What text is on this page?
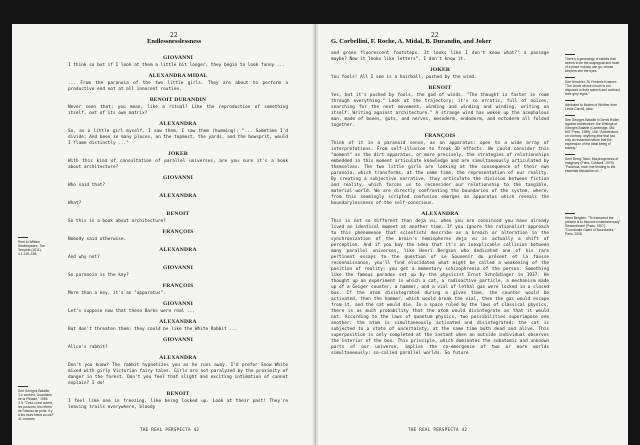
22
Endlessnesslessness
Reel to William Shakespeare, The Tempest (1611), 4.1.148–158.
Sen Georges Bataille, "Le corridor, Guardians de la Pléiade," 1956. 3.3: "Celui‑ci est ouvert, les pouvoirs, les hêtres de l'oiseau de proie, il y a les murs bleus du ciel" 41 volumes
GIOVANNI
I think so but if I look at them a little bit longer, they begin to look funny ...
ALEXANDRA MIDAL
... From the paranoia of the two little girls. They are about to perform a productive end not at all innocent routine.
BENOIT DURANDIN
Never seen that; you mean, like a ritual? Like the reproduction of something itself, out of its own matrix?
ALEXANDRA
So, as a little girl myself, I saw them, I saw them (humming): "... Sometime I'd divide; And been in many places, on the topmost, the yards, and the bowsprit, would I flame distinctly ..."
JOKER
With this kind of consultation of parallel universes, are you sure it's a book about architecture?
GIOVANNI
Who said that?
ALEXANDRA
What?
BENOIT
So this is a book about architecture?
FRANÇOIS
Nobody said otherwise.
ALEXANDRA
And why not?
GIOVANNI
So paranoia is the key?
FRANÇOIS
More than a key, it's an "apparatus".
GIOVANNI
Let's suppose now that these Barks were real ...
ALEXANDRA
But don't threaten them: they could be like the White Rabbit ...
GIOVANNI
Alice's rabbit?
ALEXANDRA
Don't you know? The rabbit hypnotizes you as he runs away. I'd prefer Snow White mixed with girly Victorian fairy tales. Girls are not paralyzed by the proximity of danger in the forest. Don't you feel that slight and exciting intimation of cannot explain? I do!
BENOIT
I feel like one in freezing, like being locked up. Look at their past! They're leaving trails everywhere, bloody
THE REAL PERSPECTA 42
22
G. Corbellini, F. Roche, A. Midal, B. Durandin, and Joker
and green fluorescent footsteps. It looks like I don't know what?" a passage maybe? Now it looks like letters”. I don't know it.
JOKER
You fools! All I see is a hairball, pushed by the wind.
BENOIT
Yes, but it's pushed by fools, the god of winds. "The thought is faster in room through everything." Look at the trajectory; it's so erratic, full of noises, searching for the next movement, winding and winding and winding, writing on itself. Writing against architecture." A strange wind has woken up the acephalous man, made of bones, guts, and nerves, mesoderm, endoderm, and ectoderm all folded together.
FRANÇOIS
Think of it in a paranoid sense, as an apparatus: open to a wide array of interpretations. From self-illusion to freak 3D effects. We could consider this "moment" as the dirt apparatus, or more precisely, the strategies of relationships embedded in this moment articulate knowledge and are simultaneously articulated by themselves. The two little girls are looking at the consequence of their own paranoia, which transforms, at the same time, the representation of our reality. By creating a subjective narrative, they articulate the division between fiction and reality, which forces us to reconsider our relationship to the tangible, material world. We are directly confronting the boundaries of the system, where, from this seemingly scripted confusion emerges an apparatus which reveals the boundarylessness of the self-conscious.
ALEXANDRA
This is not so different than deja vu, when you are convinced you have already lived an identical moment at another time. If you ignore the rationalist approach to this phenomenon that scientists describe as a breach or alteration in the synchronization of the brain's hemispheres deja vu is actually a shift of perception. And if you buy the idea that it's an inexplicable collision between many parallel universes, like Henri Bergson who dedicated one of his rare pertinent essays to the question of Le Souvenir du présent et la fausse reconnaissance, you'll find elucidated what might be called a weakening of the position of reality: you get a momentary schizophrenia of the person. Something like the famous paradox set up by the physicist Ernst Schrödinger in 1937. He thought up an experiment in which a cat, a radioactive particle, a mechanism made up of a Geiger counter, a hammer, and a vial of lethal gas were locked in a closed box. If the atom disintegrated during a given time, the counter would be activated, then the hammer, which would break the vial, then the gas would escape from it, and the cat would die. In a space ruled by the laws of classical physics, there is as much probability that the atom would disintegrate as that it would not. According to the laws of quantum physics, two possibilities superimpose one another: the atom is simultaneously activated and disintegrated; the cat is subjected to a state of uncertainty, at the same time both dead and alive. This superposition is only completed at the instant when an outside individual observes the interior of the box. This principle, which dominates the subatomic and unknown parts of our universe, implies the co-emergence of two or more worlds simultaneously: so-called parallel worlds. So future
There's a genealogy of rabbits that seems to be the scapegoat and heart of a place nobody can go, whose keepers see the eyes.
See Hirschler, St. Frederic Krasner: "The Uncle whose mouth is not disposed in their speech and contract, their grey signs."
Attributed to Modes of Whither from Lewis Carroll, Alice.
See Georges Bataille in Denis Hollier, Against Architecture: the Writings of Georges Bataille (Cambridge, MA: MIT Press, 1989), 156: "Architecture, on contrary, anything else that has only an essential nature that the expression of the ideal being of society."
Sent Remy Tison, Morphogenesis of Imaginary (Paris: Coldwell, 1979): "Paranoia, each line tending to the essential dissolution of..."
Henri Bergson, "To transcend the present is to become instantaneously" Ressentiment (Paris, 1907): "Coordinate Gates of Boundaries," Paris, 2005.
THE REAL PERSPECTA 42
